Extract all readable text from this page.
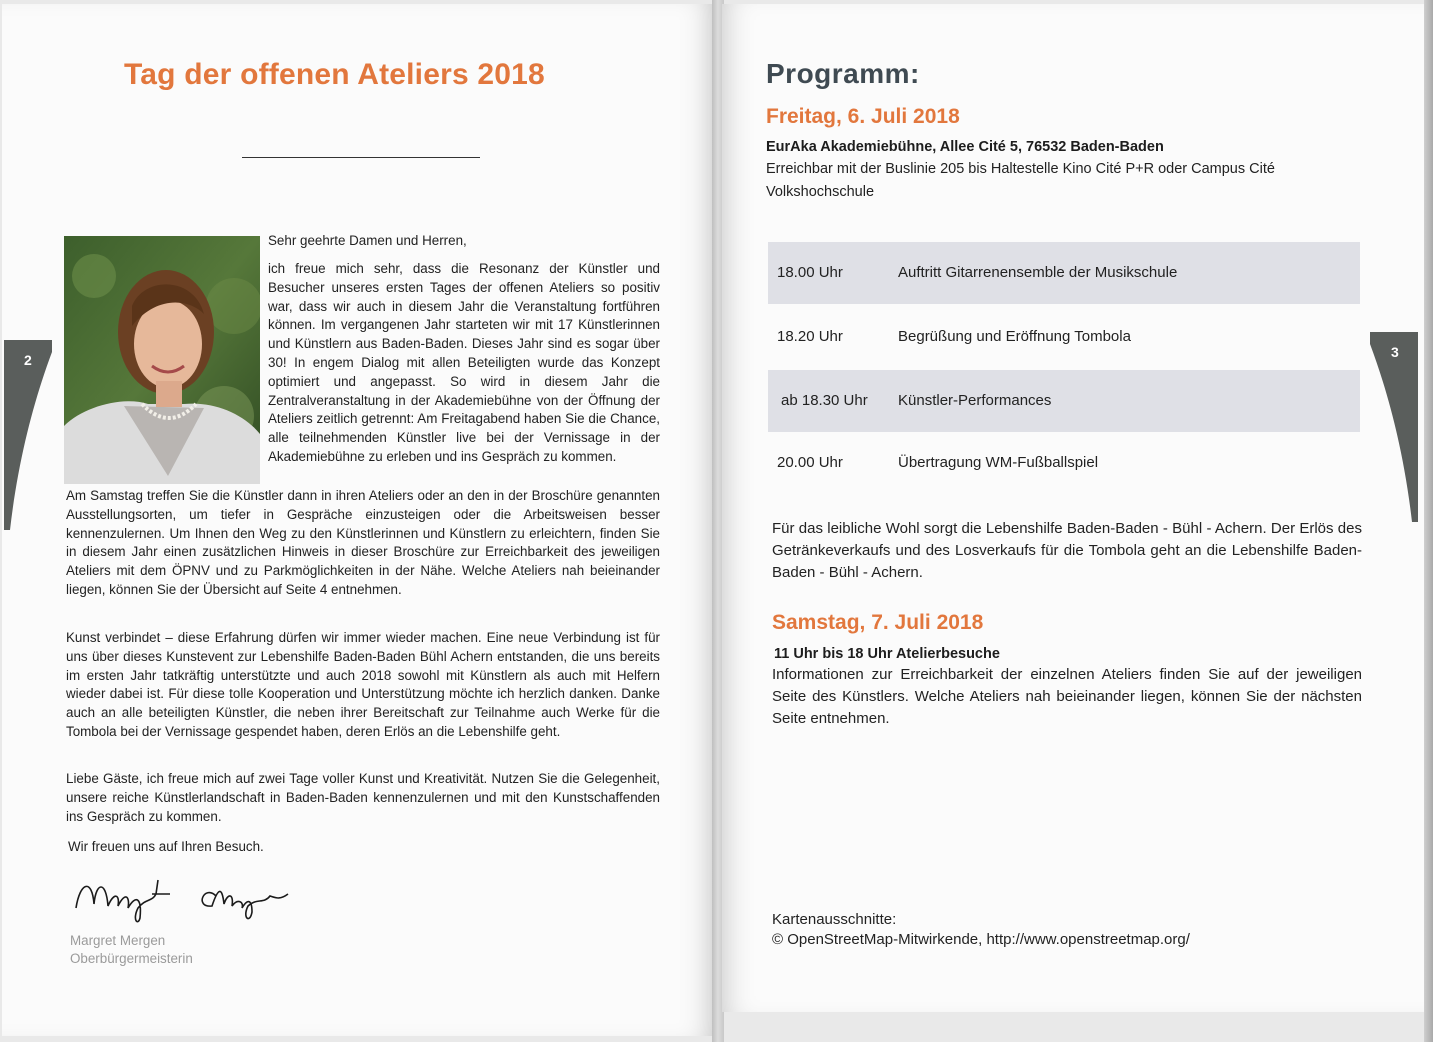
2	3
Tag der offenen Ateliers 2018
Sehr geehrte Damen und Herren,
ich freue mich sehr, dass die Resonanz der Künstler und Besucher unseres ersten Tages der offenen Ateliers so positiv war, dass wir auch in diesem Jahr die Veranstaltung fortführen können. Im vergangenen Jahr starteten wir mit 17 Künstlerinnen und Künstlern aus Baden-Baden. Dieses Jahr sind es sogar über 30! In engem Dialog mit allen Beteiligten wurde das Konzept optimiert und angepasst. So wird in diesem Jahr die Zentralveranstaltung in der Akademiebühne von der Öffnung der Ateliers zeitlich getrennt: Am Freitagabend haben Sie die Chance, alle teilnehmenden Künstler live bei der Vernissage in der Akademiebühne zu erleben und ins Gespräch zu kommen.
Am Samstag treffen Sie die Künstler dann in ihren Ateliers oder an den in der Broschüre genannten Ausstellungsorten, um tiefer in Gespräche einzusteigen oder die Arbeitsweisen besser kennenzulernen. Um Ihnen den Weg zu den Künstlerinnen und Künstlern zu erleichtern, finden Sie in diesem Jahr einen zusätzlichen Hinweis in dieser Broschüre zur Erreichbarkeit des jeweiligen Ateliers mit dem ÖPNV und zu Parkmöglichkeiten in der Nähe. Welche Ateliers nah beieinander liegen, können Sie der Übersicht auf Seite 4 entnehmen.
Kunst verbindet – diese Erfahrung dürfen wir immer wieder machen. Eine neue Verbindung ist für uns über dieses Kunstevent zur Lebenshilfe Baden-Baden Bühl Achern entstanden, die uns bereits im ersten Jahr tatkräftig unterstützte und auch 2018 sowohl mit Künstlern als auch mit Helfern wieder dabei ist. Für diese tolle Kooperation und Unterstützung möchte ich herzlich danken. Danke auch an alle beteiligten Künstler, die neben ihrer Bereitschaft zur Teilnahme auch Werke für die Tombola bei der Vernissage gespendet haben, deren Erlös an die Lebenshilfe geht.
Liebe Gäste, ich freue mich auf zwei Tage voller Kunst und Kreativität. Nutzen Sie die Gelegenheit, unsere reiche Künstlerlandschaft in Baden-Baden kennenzulernen und mit den Kunstschaffenden ins Gespräch zu kommen.
Wir freuen uns auf Ihren Besuch.
Margret Mergen
Oberbürgermeisterin
Programm:
Freitag, 6. Juli 2018
EurAka Akademiebühne, Allee Cité 5, 76532 Baden-Baden
Erreichbar mit der Buslinie 205 bis Haltestelle Kino Cité P+R oder Campus Cité Volkshochschule
18.00 Uhr	Auftritt Gitarrenensemble der Musikschule
18.20 Uhr	Begrüßung und Eröffnung Tombola
ab 18.30 Uhr Künstler-Performances
20.00 Uhr	Übertragung WM-Fußballspiel
Für das leibliche Wohl sorgt die Lebenshilfe Baden-Baden - Bühl - Achern. Der Erlös des Getränkeverkaufs und des Losverkaufs für die Tombola geht an die Lebenshilfe Baden-Baden - Bühl - Achern.
Samstag, 7. Juli 2018
11 Uhr bis 18 Uhr Atelierbesuche
Informationen zur Erreichbarkeit der einzelnen Ateliers finden Sie auf der jeweiligen Seite des Künstlers. Welche Ateliers nah beieinander liegen, können Sie der nächsten Seite entnehmen.
Kartenausschnitte:
© OpenStreetMap-Mitwirkende, http://www.openstreetmap.org/
